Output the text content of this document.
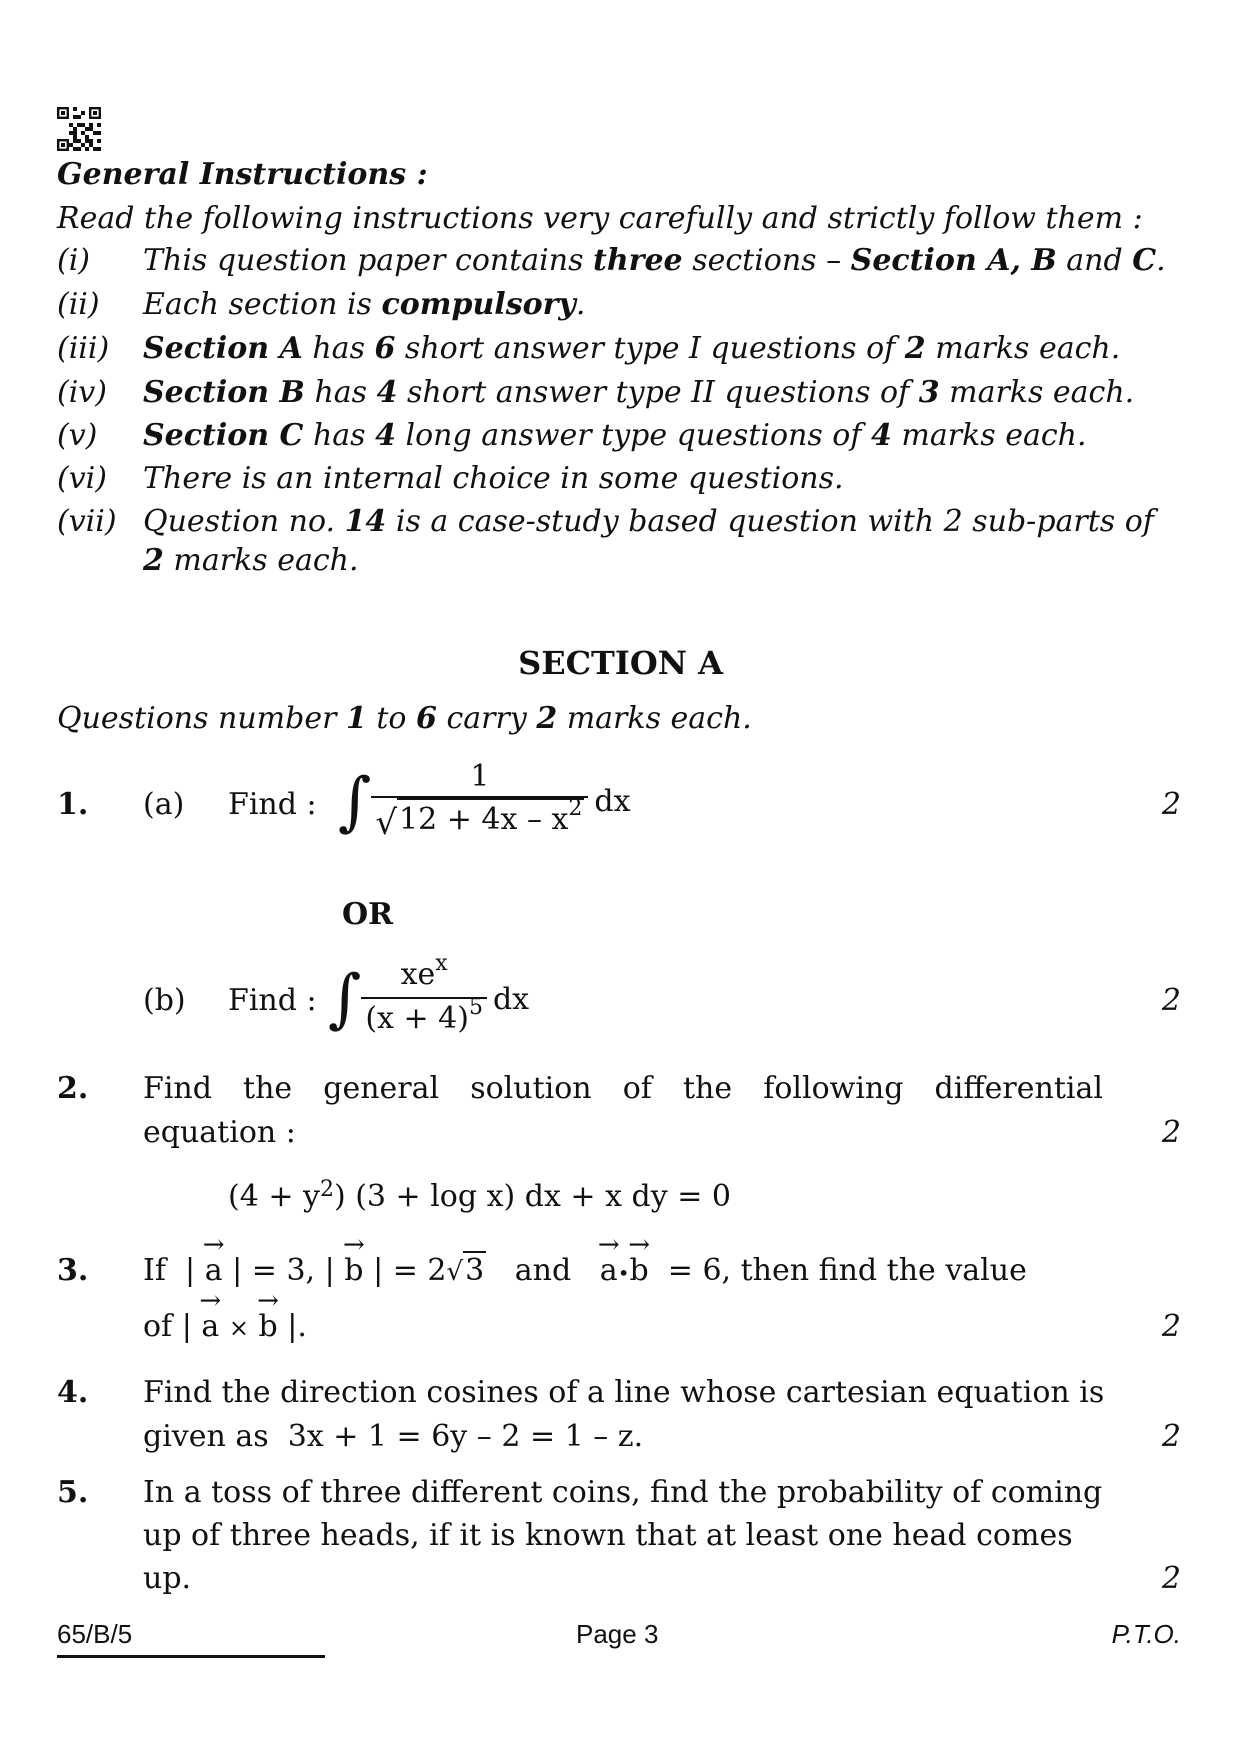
General Instructions :
Read the following instructions very carefully and strictly follow them :
(i) This question paper contains three sections – Section A, B and C.
(ii) Each section is compulsory.
(iii) Section A has 6 short answer type I questions of 2 marks each.
(iv) Section B has 4 short answer type II questions of 3 marks each.
(v) Section C has 4 long answer type questions of 4 marks each.
(vi) There is an internal choice in some questions.
(vii) Question no. 14 is a case-study based question with 2 sub-parts of
2 marks each.
SECTION A
Questions number 1 to 6 carry 2 marks each.
1. (a) Find : ∫ $\frac{1}{√ 12 + 4x - x^2}$ dx	2
OR
(b) Find : ∫ $\frac{xe^x}{(x + 4)^5}$ dx	2
2. Find the general solution of the following differential
equation :	2
$(4 + y^2)$ (3 + log x) dx + x dy = 0
3. If | → a | = 3, | → b | = 2√3 and → a•→ b = 6, then find the value
of | → a × → b |.	2
4. Find the direction cosines of a line whose cartesian equation is
given as  3x + 1 = 6y – 2 = 1 – z.	2
5. In a toss of three different coins, find the probability of coming
up of three heads, if it is known that at least one head comes
up.	2
65/B/5	Page 3	P.T.O.
